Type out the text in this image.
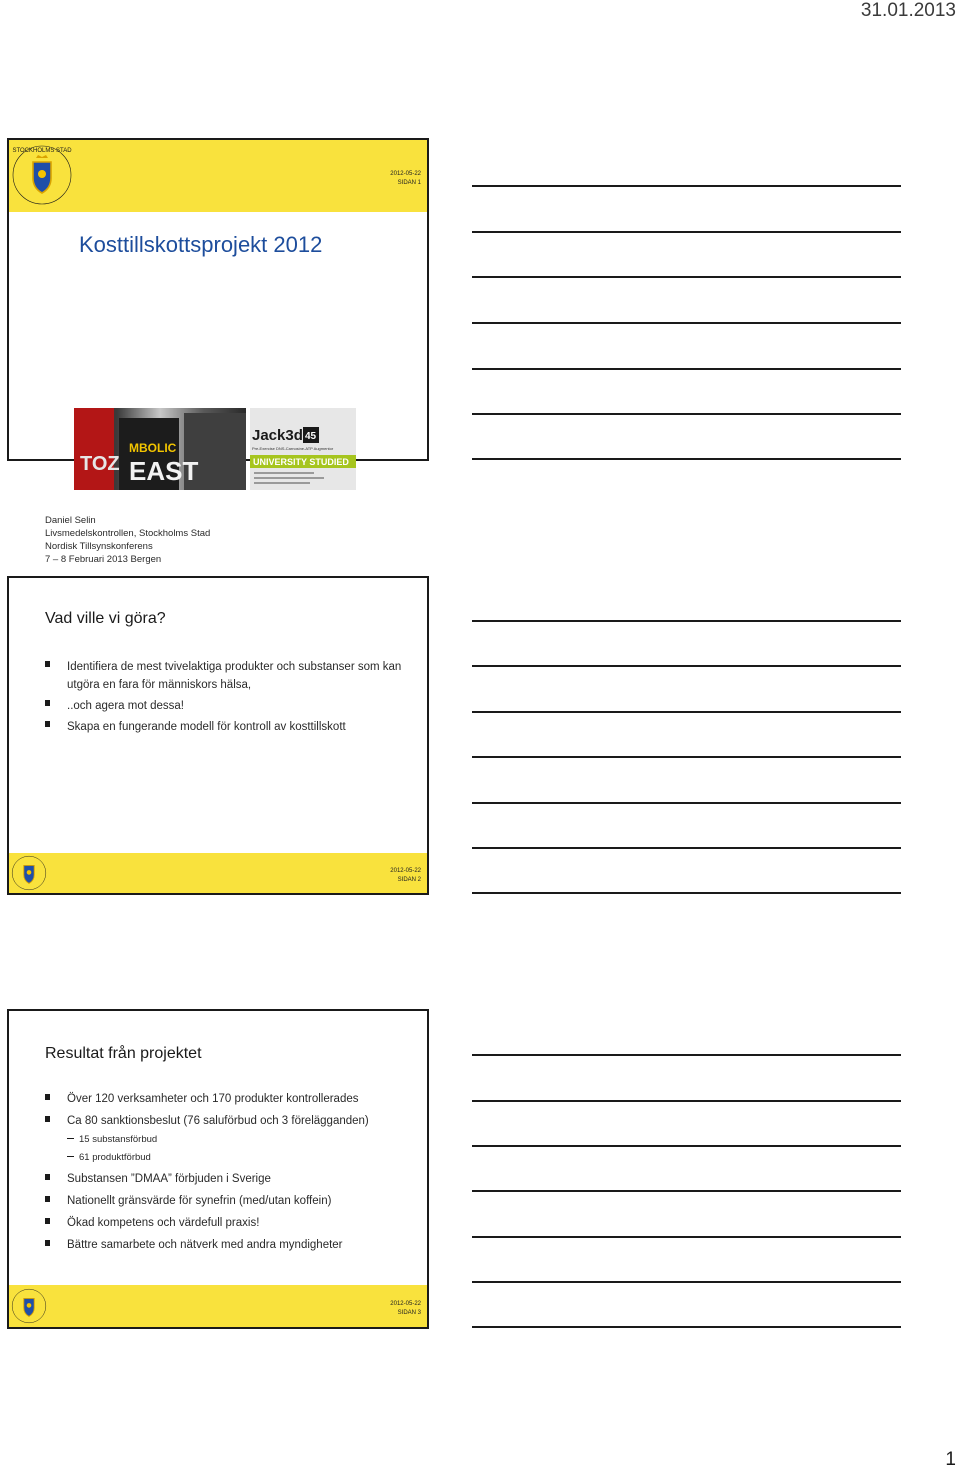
31.01.2013
STOCKHOLMS STAD
2012-05-22
SIDAN 1
Kosttillskottsprojekt 2012
TOZ
MBOLIC
EAST
Jack3d 45
Pre-Exercise DNS-Carnosine-ATP Augmentor
UNIVERSITY STUDIED
Daniel Selin
Livsmedelskontrollen, Stockholms Stad
Nordisk Tillsynskonferens
7 – 8 Februari 2013 Bergen
Vad ville vi göra?
Identifiera de mest tvivelaktiga produkter och substanser som kan utgöra en fara för människors hälsa,
..och agera mot dessa!
Skapa en fungerande modell för kontroll av kosttillskott
2012-05-22
SIDAN 2
Resultat från projektet
Över 120 verksamheter och 170 produkter kontrollerades
Ca 80 sanktionsbeslut (76 saluförbud och 3 förelägganden)
15 substansförbud
61 produktförbud
Substansen ”DMAA” förbjuden i Sverige
Nationellt gränsvärde för synefrin (med/utan koffein)
Ökad kompetens och värdefull praxis!
Bättre samarbete och nätverk med andra myndigheter
2012-05-22
SIDAN 3
1
